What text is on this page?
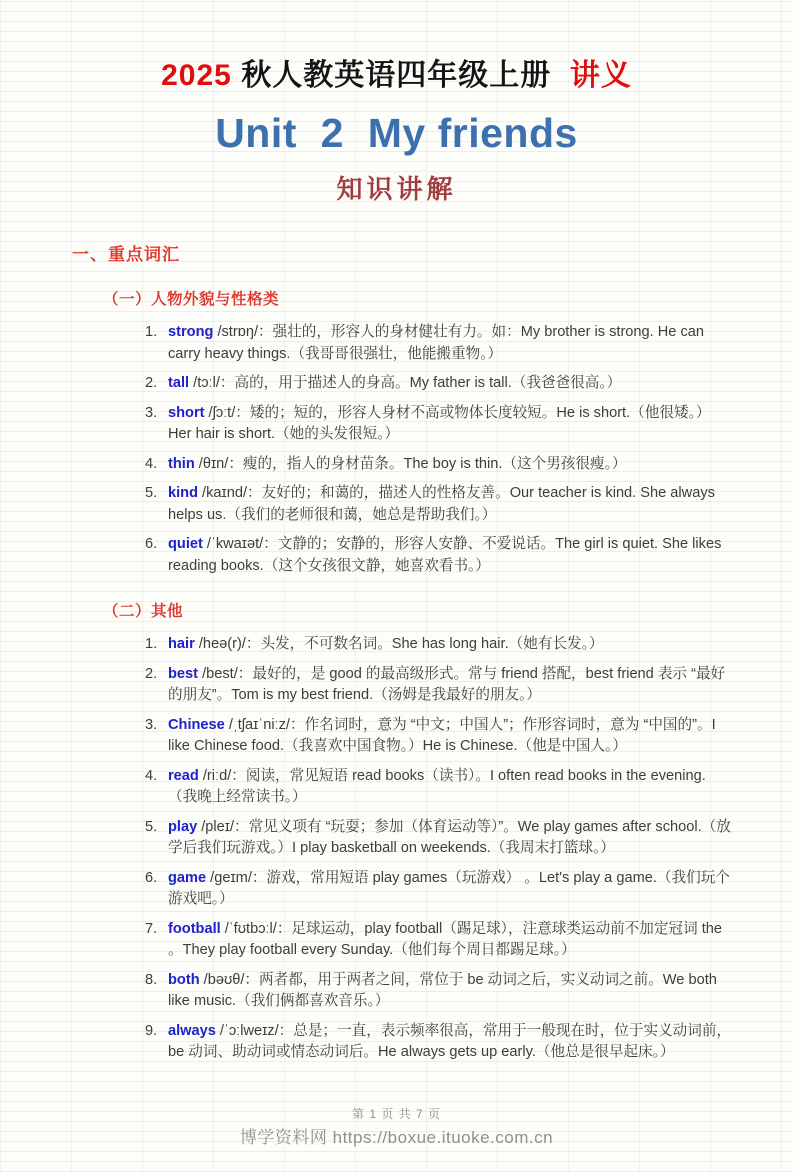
2025 秋人教英语四年级上册  讲义
Unit  2  My friends
知识讲解
一、重点词汇
（一）人物外貌与性格类
1. strong /strɒŋ/：强壮的，形容人的身材健壮有力。如：My brother is strong. He can carry heavy things.（我哥哥很强壮，他能搬重物。）
2. tall /tɔːl/：高的，用于描述人的身高。My father is tall.（我爸爸很高。）
3. short /ʃɔːt/：矮的；短的，形容人身材不高或物体长度较短。He is short.（他很矮。）Her hair is short.（她的头发很短。）
4. thin /θɪn/：瘦的，指人的身材苗条。The boy is thin.（这个男孩很瘦。）
5. kind /kaɪnd/：友好的；和蔼的，描述人的性格友善。Our teacher is kind. She always helps us.（我们的老师很和蔼，她总是帮助我们。）
6. quiet /ˈkwaɪət/：文静的；安静的，形容人安静、不爱说话。The girl is quiet. She likes reading books.（这个女孩很文静，她喜欢看书。）
（二）其他
1. hair /heə(r)/：头发，不可数名词。She has long hair.（她有长发。）
2. best /best/：最好的，是 good 的最高级形式。常与 friend 搭配，best friend 表示 “最好的朋友”。Tom is my best friend.（汤姆是我最好的朋友。）
3. Chinese /ˌtʃaɪˈniːz/：作名词时，意为 “中文；中国人”；作形容词时，意为 “中国的”。I like Chinese food.（我喜欢中国食物。）He is Chinese.（他是中国人。）
4. read /riːd/：阅读，常见短语 read books（读书）。I often read books in the evening.（我晚上经常读书。）
5. play /pleɪ/：常见义项有 “玩耍；参加（体育运动等）”。We play games after school.（放学后我们玩游戏。）I play basketball on weekends.（我周末打篮球。）
6. game /geɪm/：游戏，常用短语 play games（玩游戏） 。Let's play a game.（我们玩个游戏吧。）
7. football /ˈfʊtbɔːl/：足球运动，play football（踢足球），注意球类运动前不加定冠词 the 。They play football every Sunday.（他们每个周日都踢足球。）
8. both /bəʊθ/：两者都，用于两者之间，常位于 be 动词之后，实义动词之前。We both like music.（我们俩都喜欢音乐。）
9. always /ˈɔːlweɪz/：总是；一直，表示频率很高，常用于一般现在时，位于实义动词前，be 动词、助动词或情态动词后。He always gets up early.（他总是很早起床。）
第 1 页 共 7 页
博学资料网 https://boxue.ituoke.com.cn
